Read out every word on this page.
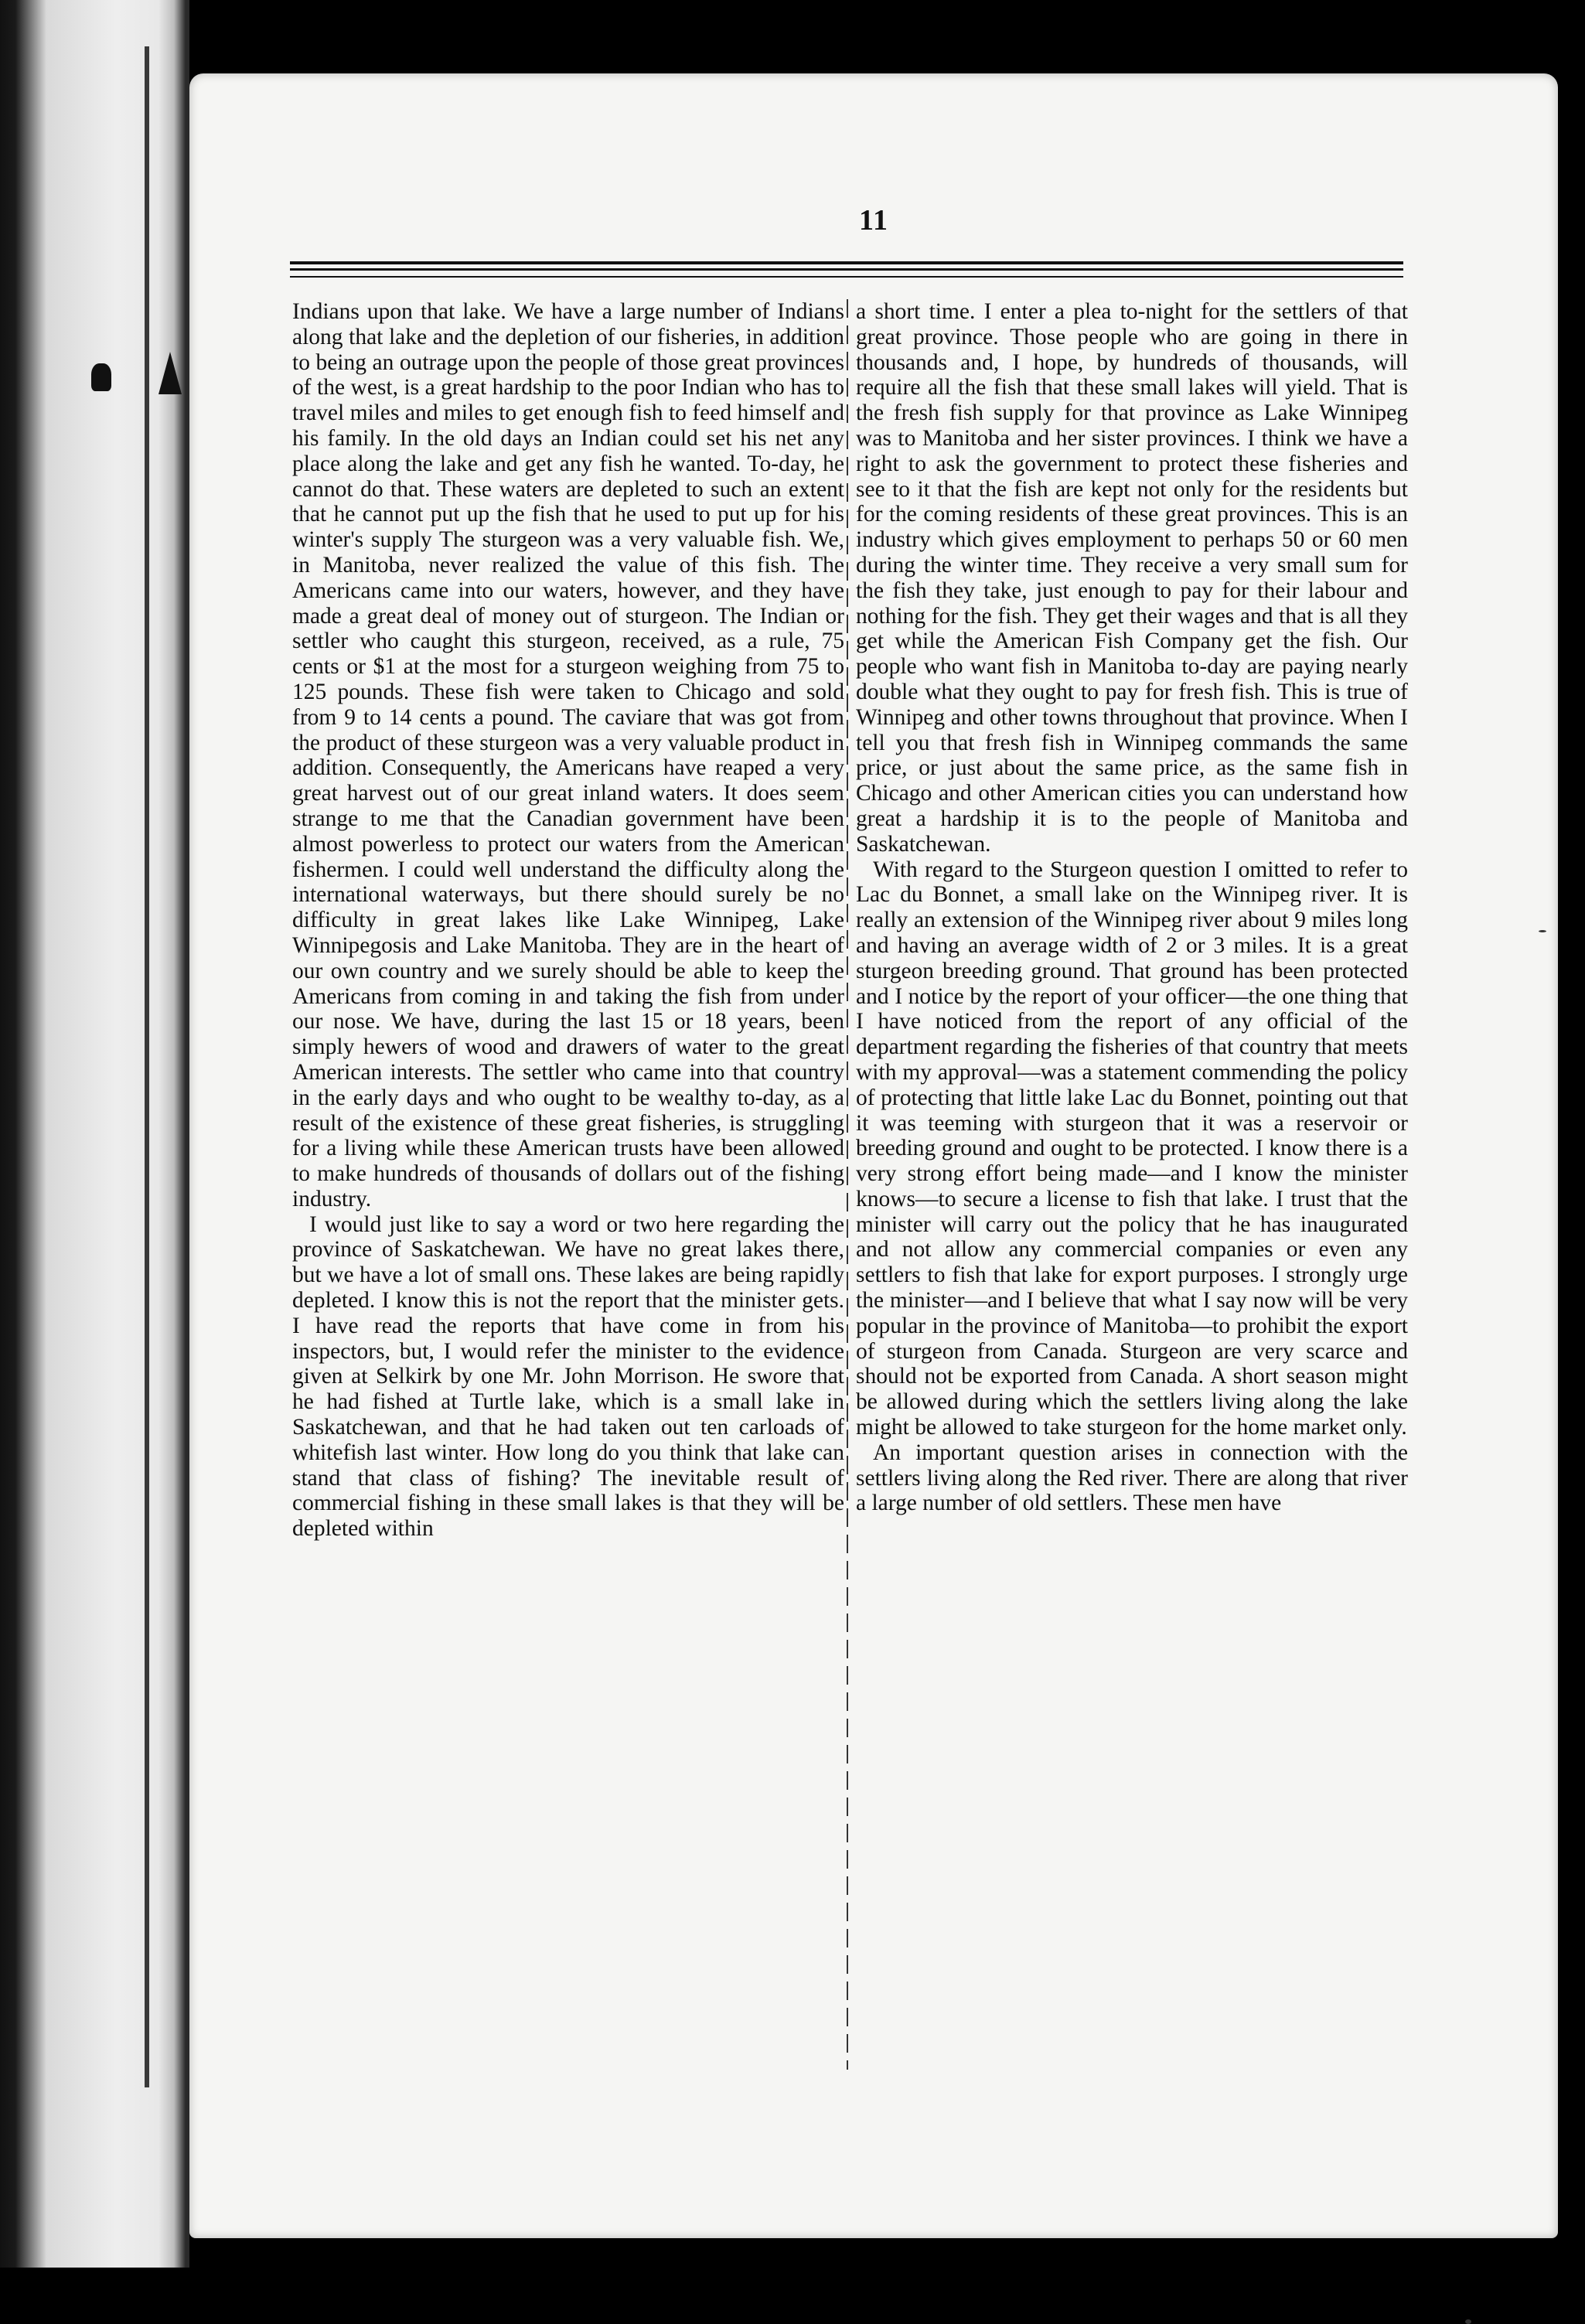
11

Indians upon that lake. We have a large number of Indians along that lake and the depletion of our fisheries, in addition to being an outrage upon the people of those great provinces of the west, is a great hardship to the poor Indian who has to travel miles and miles to get enough fish to feed himself and his family. In the old days an Indian could set his net any place along the lake and get any fish he wanted. To-day, he cannot do that. These waters are depleted to such an extent that he cannot put up the fish that he used to put up for his winter's supply The sturgeon was a very valuable fish. We, in Manitoba, never realized the value of this fish. The Americans came into our waters, however, and they have made a great deal of money out of sturgeon. The Indian or settler who caught this sturgeon, received, as a rule, 75 cents or $1 at the most for a sturgeon weighing from 75 to 125 pounds. These fish were taken to Chicago and sold from 9 to 14 cents a pound. The caviare that was got from the product of these sturgeon was a very valuable product in addition. Consequently, the Americans have reaped a very great harvest out of our great inland waters. It does seem strange to me that the Canadian government have been almost powerless to protect our waters from the American fishermen. I could well understand the difficulty along the international waterways, but there should surely be no difficulty in great lakes like Lake Winnipeg, Lake Winnipegosis and Lake Manitoba. They are in the heart of our own country and we surely should be able to keep the Americans from coming in and taking the fish from under our nose. We have, during the last 15 or 18 years, been simply hewers of wood and drawers of water to the great American interests. The settler who came into that country in the early days and who ought to be wealthy to-day, as a result of the existence of these great fisheries, is struggling for a living while these American trusts have been allowed to make hundreds of thousands of dollars out of the fishing industry.

I would just like to say a word or two here regarding the province of Saskatchewan. We have no great lakes there, but we have a lot of small ons. These lakes are being rapidly depleted. I know this is not the report that the minister gets. I have read the reports that have come in from his inspectors, but, I would refer the minister to the evidence given at Selkirk by one Mr. John Morrison. He swore that he had fished at Turtle lake, which is a small lake in Saskatchewan, and that he had taken out ten carloads of whitefish last winter. How long do you think that lake can stand that class of fishing? The inevitable result of commercial fishing in these small lakes is that they will be depleted within

a short time. I enter a plea to-night for the settlers of that great province. Those people who are going in there in thousands and, I hope, by hundreds of thousands, will require all the fish that these small lakes will yield. That is the fresh fish supply for that province as Lake Winnipeg was to Manitoba and her sister provinces. I think we have a right to ask the government to protect these fisheries and see to it that the fish are kept not only for the residents but for the coming residents of these great provinces. This is an industry which gives employment to perhaps 50 or 60 men during the winter time. They receive a very small sum for the fish they take, just enough to pay for their labour and nothing for the fish. They get their wages and that is all they get while the American Fish Company get the fish. Our people who want fish in Manitoba to-day are paying nearly double what they ought to pay for fresh fish. This is true of Winnipeg and other towns throughout that province. When I tell you that fresh fish in Winnipeg commands the same price, or just about the same price, as the same fish in Chicago and other American cities you can understand how great a hardship it is to the people of Manitoba and Saskatchewan.

With regard to the Sturgeon question I omitted to refer to Lac du Bonnet, a small lake on the Winnipeg river. It is really an extension of the Winnipeg river about 9 miles long and having an average width of 2 or 3 miles. It is a great sturgeon breeding ground. That ground has been protected and I notice by the report of your officer—the one thing that I have noticed from the report of any official of the department regarding the fisheries of that country that meets with my approval—was a statement commending the policy of protecting that little lake Lac du Bonnet, pointing out that it was teeming with sturgeon that it was a reservoir or breeding ground and ought to be protected. I know there is a very strong effort being made—and I know the minister knows—to secure a license to fish that lake. I trust that the minister will carry out the policy that he has inaugurated and not allow any commercial companies or even any settlers to fish that lake for export purposes. I strongly urge the minister—and I believe that what I say now will be very popular in the province of Manitoba—to prohibit the export of sturgeon from Canada. Sturgeon are very scarce and should not be exported from Canada. A short season might be allowed during which the settlers living along the lake might be allowed to take sturgeon for the home market only.

An important question arises in connection with the settlers living along the Red river. There are along that river a large number of old settlers. These men have
